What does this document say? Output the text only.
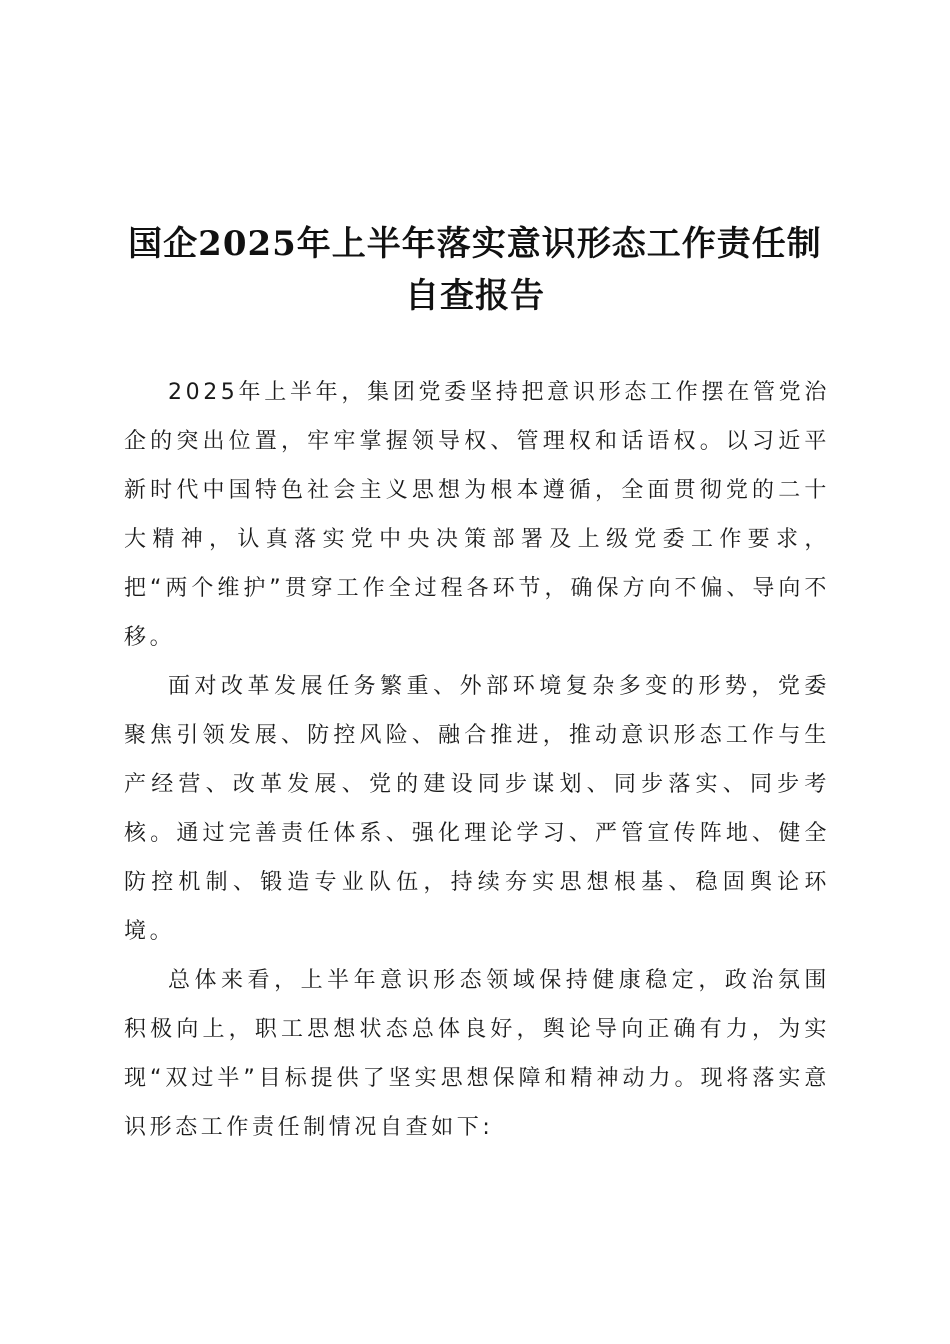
国企2025年上半年落实意识形态工作责任制
自查报告

2025年上半年，集团党委坚持把意识形态工作摆在管党治企的突出位置，牢牢掌握领导权、管理权和话语权。以习近平新时代中国特色社会主义思想为根本遵循，全面贯彻党的二十大精神，认真落实党中央决策部署及上级党委工作要求，把“两个维护”贯穿工作全过程各环节，确保方向不偏、导向不移。

面对改革发展任务繁重、外部环境复杂多变的形势，党委聚焦引领发展、防控风险、融合推进，推动意识形态工作与生产经营、改革发展、党的建设同步谋划、同步落实、同步考核。通过完善责任体系、强化理论学习、严管宣传阵地、健全防控机制、锻造专业队伍，持续夯实思想根基、稳固舆论环境。

总体来看，上半年意识形态领域保持健康稳定，政治氛围积极向上，职工思想状态总体良好，舆论导向正确有力，为实现“双过半”目标提供了坚实思想保障和精神动力。现将落实意识形态工作责任制情况自查如下:
